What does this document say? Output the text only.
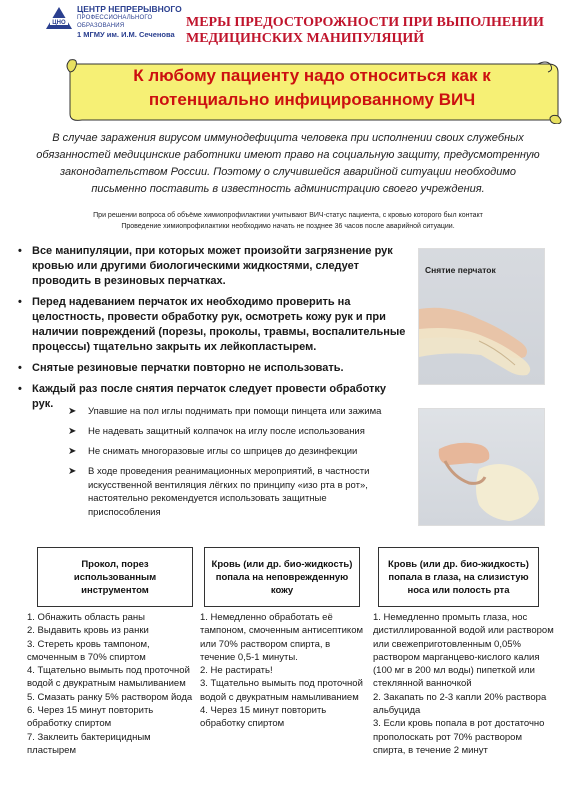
ЦНО
ЦЕНТР НЕПРЕРЫВНОГО
ПРОФЕССИОНАЛЬНОГО ОБРАЗОВАНИЯ
1 МГМУ им. И.М. Сеченова
МЕРЫ ПРЕДОСТОРОЖНОСТИ ПРИ ВЫПОЛНЕНИИ
МЕДИЦИНСКИХ МАНИПУЛЯЦИЙ
К любому пациенту надо относиться как к
потенциально инфицированному ВИЧ
В случае заражения вирусом иммунодефицита человека при исполнении своих служебных
обязанностей медицинские работники имеют право на социальную защиту, предусмотренную
законодательством России. Поэтому о случившейся аварийной ситуации необходимо
письменно поставить в известность администрацию своего учреждения.
При решении вопроса об объёме химиопрофилактики учитывают ВИЧ-статус пациента, с кровью которого был контакт
Проведение химиопрофилактики необходимо начать не позднее 36 часов после аварийной ситуации.
• Все манипуляции, при которых может произойти загрязнение рук кровью или другими биологическими жидкостями, следует проводить в резиновых перчатках.
• Перед надеванием перчаток их необходимо проверить на целостность, провести обработку рук, осмотреть кожу рук и при наличии повреждений (порезы, проколы, травмы, воспалительные процессы) тщательно закрыть их лейкопластырем.
• Снятые резиновые перчатки повторно не использовать.
• Каждый раз после снятия перчаток следует провести обработку рук.
➤ Упавшие на пол иглы поднимать при помощи пинцета или зажима
➤ Не надевать защитный колпачок на иглу после использования
➤ Не снимать многоразовые иглы со шприцев до дезинфекции
➤ В ходе проведения реанимационных мероприятий, в частности искусственной вентиляция лёгких по принципу «изо рта в рот», настоятельно рекомендуется использовать защитные приспособления
Снятие перчаток
Прокол, порез использованным инструментом
Кровь (или др. био-жидкость) попала на неповрежденную кожу
Кровь (или др. био-жидкость) попала в глаза, на слизистую носа или полость рта

1. Обнажить область раны

2. Выдавить кровь из ранки

3. Стереть кровь тампоном, смоченным в 70% спиртом

4. Тщательно вымыть под проточной водой с двукратным намыливанием

5. Смазать ранку 5% раствором йода

6. Через 15 минут повторить обработку спиртом

7. Заклеить бактерицидным пластырем

1. Немедленно обработать её тампоном, смоченным антисептиком или 70% раствором спирта, в течение 0,5-1 минуты.

2. Не растирать!

3. Тщательно вымыть под проточной водой с двукратным намыливанием

4. Через 15 минут повторить обработку спиртом

1. Немедленно промыть глаза, нос дистиллированной водой или раствором или свежеприготовленным 0,05% раствором марганцево-кислого калия (100 мг в 200 мл воды) пипеткой или стеклянной ванночкой

2. Закапать по 2-3 капли 20% раствора альбуцида

3. Если кровь попала в рот достаточно прополоскать рот 70% раствором спирта, в течение 2 минут
